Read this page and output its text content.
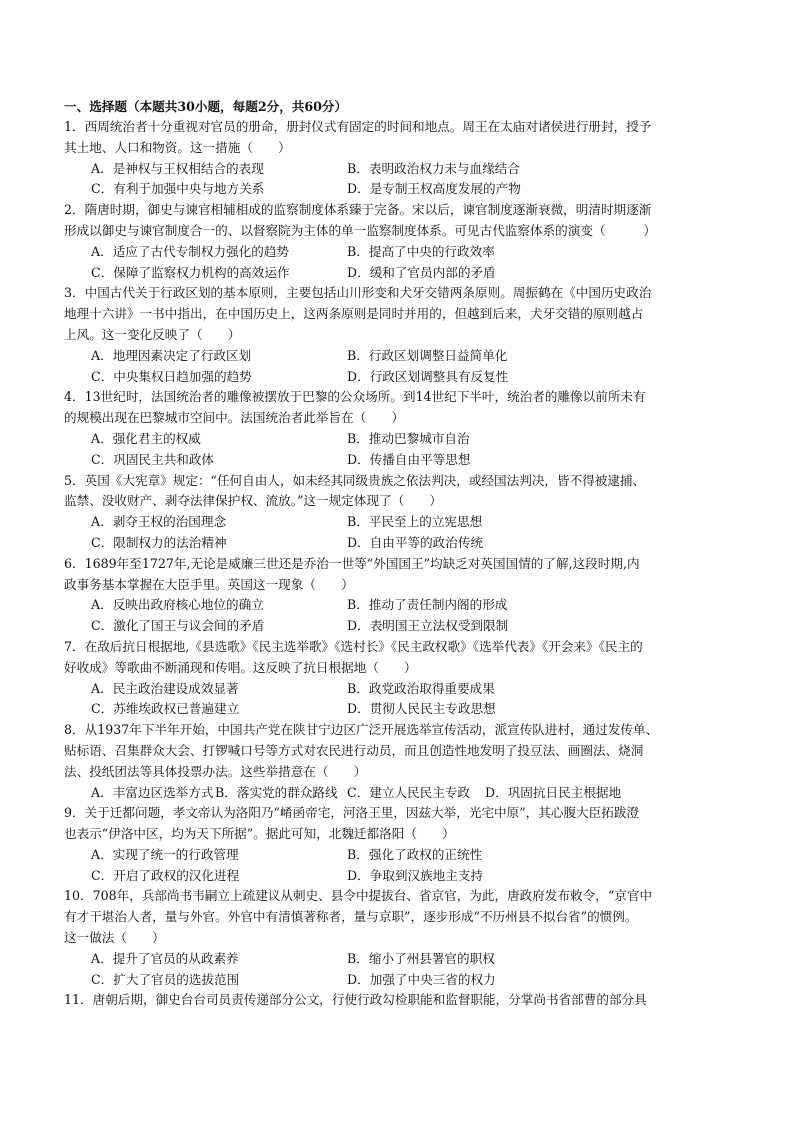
一、选择题（本题共30小题，每题2分，共60分）
1．西周统治者十分重视对官员的册命，册封仪式有固定的时间和地点。周王在太庙对诸侯进行册封，授予
其土地、人口和物资。这一措施（　　）
A．是神权与王权相结合的表现	B．表明政治权力未与血缘结合
C．有利于加强中央与地方关系	D．是专制王权高度发展的产物
2．隋唐时期，御史与谏官相辅相成的监察制度体系臻于完备。宋以后，谏官制度逐渐衰微，明清时期逐渐
形成以御史与谏官制度合一的、以督察院为主体的单一监察制度体系。可见古代监察体系的演变（　　　）
A．适应了古代专制权力强化的趋势	B．提高了中央的行政效率
C．保障了监察权力机构的高效运作	D．缓和了官员内部的矛盾
3．中国古代关于行政区划的基本原则，主要包括山川形变和犬牙交错两条原则。周振鹤在《中国历史政治
地理十六讲》一书中指出，在中国历史上，这两条原则是同时并用的，但越到后来，犬牙交错的原则越占
上风。这一变化反映了（　　）
A．地理因素决定了行政区划	B．行政区划调整日益简单化
C．中央集权日趋加强的趋势	D．行政区划调整具有反复性
4．13世纪时，法国统治者的雕像被摆放于巴黎的公众场所。到14世纪下半叶，统治者的雕像以前所未有
的规模出现在巴黎城市空间中。法国统治者此举旨在（　　）
A．强化君主的权威	B．推动巴黎城市自治
C．巩固民主共和政体	D．传播自由平等思想
5．英国《大宪章》规定：“任何自由人，如未经其同级贵族之依法判决，或经国法判决，皆不得被逮捕、
监禁、没收财产、剥夺法律保护权、流放。”这一规定体现了（　　）
A．剥夺王权的治国理念	B．平民至上的立宪思想
C．限制权力的法治精神	D．自由平等的政治传统
6．1689年至1727年,无论是威廉三世还是乔治一世等“外国国王”均缺乏对英国国情的了解,这段时期,内
政事务基本掌握在大臣手里。英国这一现象（　　）
A．反映出政府核心地位的确立	B．推动了责任制内阁的形成
C．激化了国王与议会间的矛盾	D．表明国王立法权受到限制
7．在敌后抗日根据地,《县选歌》《民主选举歌》《选村长》《民主政权歌》《选举代表》《开会来》《民主的
好收成》等歌曲不断涌现和传唱。这反映了抗日根据地（　　）
A．民主政治建设成效显著	B．政党政治取得重要成果
C．苏维埃政权已普遍建立	D．贯彻人民民主专政思想
8．从1937年下半年开始，中国共产党在陕甘宁边区广泛开展选举宣传活动，派宣传队进村，通过发传单、
贴标语、召集群众大会、打锣喊口号等方式对农民进行动员，而且创造性地发明了投豆法、画圈法、烧洞
法、投纸团法等具体投票办法。这些举措意在（　　）
A．丰富边区选举方式 B．落实党的群众路线 C．建立人民民主专政	D．巩固抗日民主根据地
9．关于迁都问题，孝文帝认为洛阳乃“崤函帝宅，河洛王里，因兹大举，光宅中原”，其心腹大臣拓跋澄
也表示“伊洛中区，均为天下所据”。据此可知，北魏迁都洛阳（　　）
A．实现了统一的行政管理	B．强化了政权的正统性
C．开启了政权的汉化进程	D．争取到汉族地主支持
10．708年，兵部尚书韦嗣立上疏建议从刺史、县令中提拔台、省京官，为此，唐政府发布敕令，“京官中
有才干堪治人者，量与外官。外官中有清慎著称者，量与京职”，逐步形成“不历州县不拟台省”的惯例。
这一做法（　　）
A．提升了官员的从政素养	B．缩小了州县署官的职权
C．扩大了官员的选拔范围	D．加强了中央三省的权力
11．唐朝后期，御史台台司员责传递部分公文，行使行政勾检职能和监督职能，分掌尚书省部曹的部分具
